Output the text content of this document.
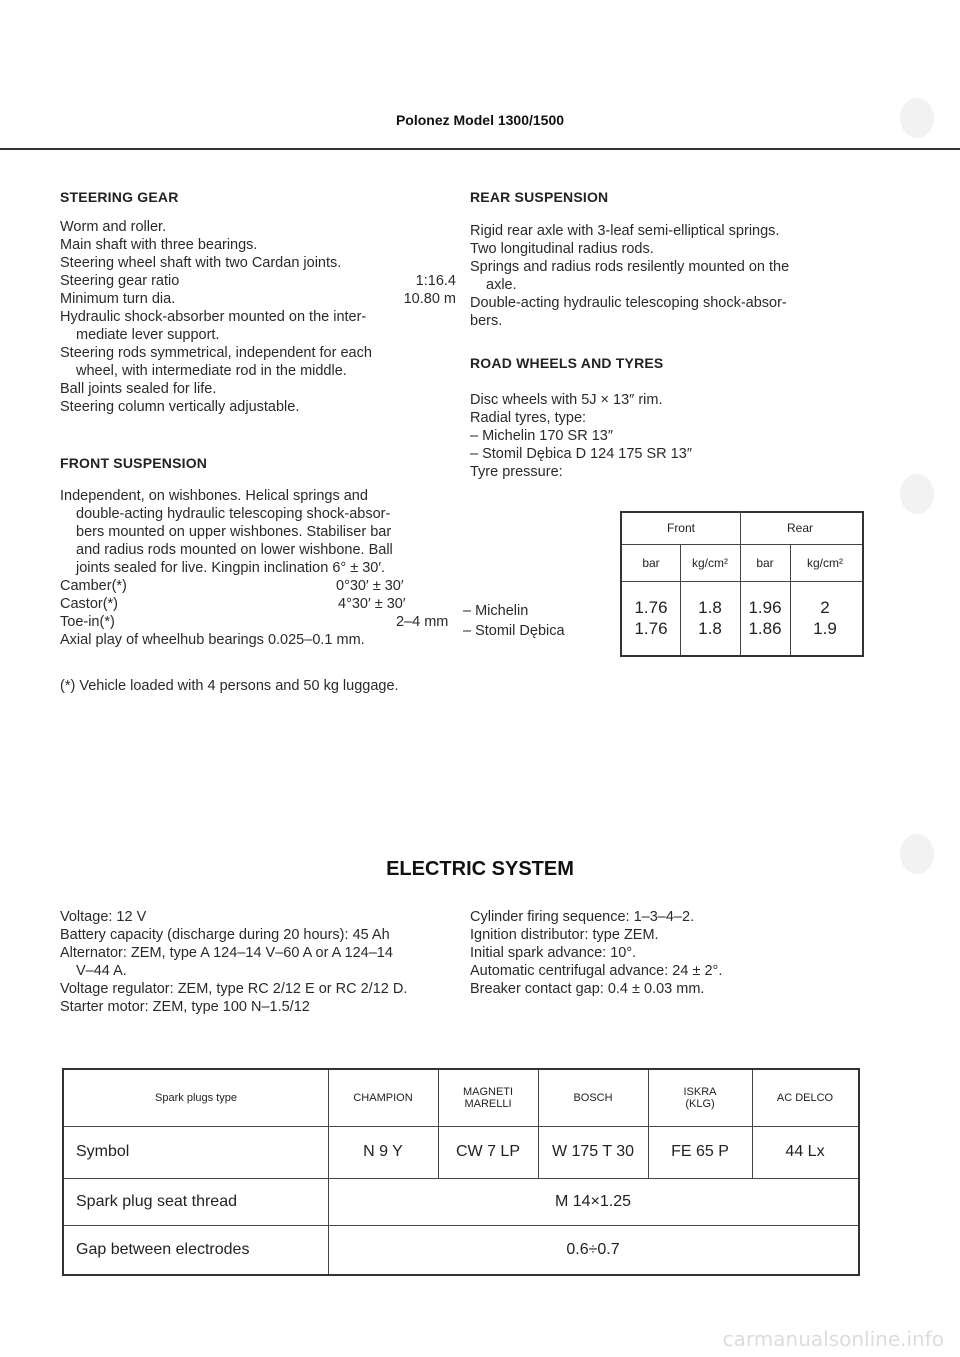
Polonez Model 1300/1500
STEERING GEAR

Worm and roller.

Main shaft with three bearings.

Steering wheel shaft with two Cardan joints.

Steering gear ratio	1:16.4
Minimum turn dia.	10.80 m

Hydraulic shock-absorber mounted on the inter-

mediate lever support.

Steering rods symmetrical, independent for each

wheel, with intermediate rod in the middle.

Ball joints sealed for life.

Steering column vertically adjustable.

FRONT SUSPENSION

Independent, on wishbones. Helical springs and

double-acting hydraulic telescoping shock-absor-

bers mounted on upper wishbones. Stabiliser bar

and radius rods mounted on lower wishbone. Ball

joints sealed for live. Kingpin inclination 6° ± 30′.

Camber(*)	0°30′ ± 30′
Castor(*)	4°30′ ± 30′
Toe-in(*)	2–4 mm

Axial play of wheelhub bearings 0.025–0.1 mm.

(*) Vehicle loaded with 4 persons and 50 kg luggage.
REAR SUSPENSION

Rigid rear axle with 3-leaf semi-elliptical springs.

Two longitudinal radius rods.

Springs and radius rods resilently mounted on the

axle.

Double-acting hydraulic telescoping shock-absor-

bers.

ROAD WHEELS AND TYRES

Disc wheels with 5J × 13″ rim.

Radial tyres, type:

– Michelin 170 SR 13″

– Stomil Dębica D 124 175 SR 13″

Tyre pressure:

– Michelin
– Stomil Dębica
Front	Rear
bar	kg/cm²	bar	kg/cm²
1.76	1.8	1.96	2
1.76	1.8	1.86	1.9
ELECTRIC SYSTEM

Voltage: 12 V

Battery capacity (discharge during 20 hours): 45 Ah

Alternator: ZEM, type A 124–14 V–60 A or A 124–14

V–44 A.

Voltage regulator: ZEM, type RC 2/12 E or RC 2/12 D.

Starter motor: ZEM, type 100 N–1.5/12

Cylinder firing sequence: 1–3–4–2.

Ignition distributor: type ZEM.

Initial spark advance: 10°.

Automatic centrifugal advance: 24 ± 2°.

Breaker contact gap: 0.4 ± 0.03 mm.

Spark plugs type	CHAMPION	MAGNETI MARELLI	BOSCH	ISKRA (KLG)	AC DELCO
Symbol	N 9 Y	CW 7 LP	W 175 T 30	FE 65 P	44 Lx
Spark plug seat thread	M 14×1.25
Gap between electrodes	0.6÷0.7
carmanualsonline.info
